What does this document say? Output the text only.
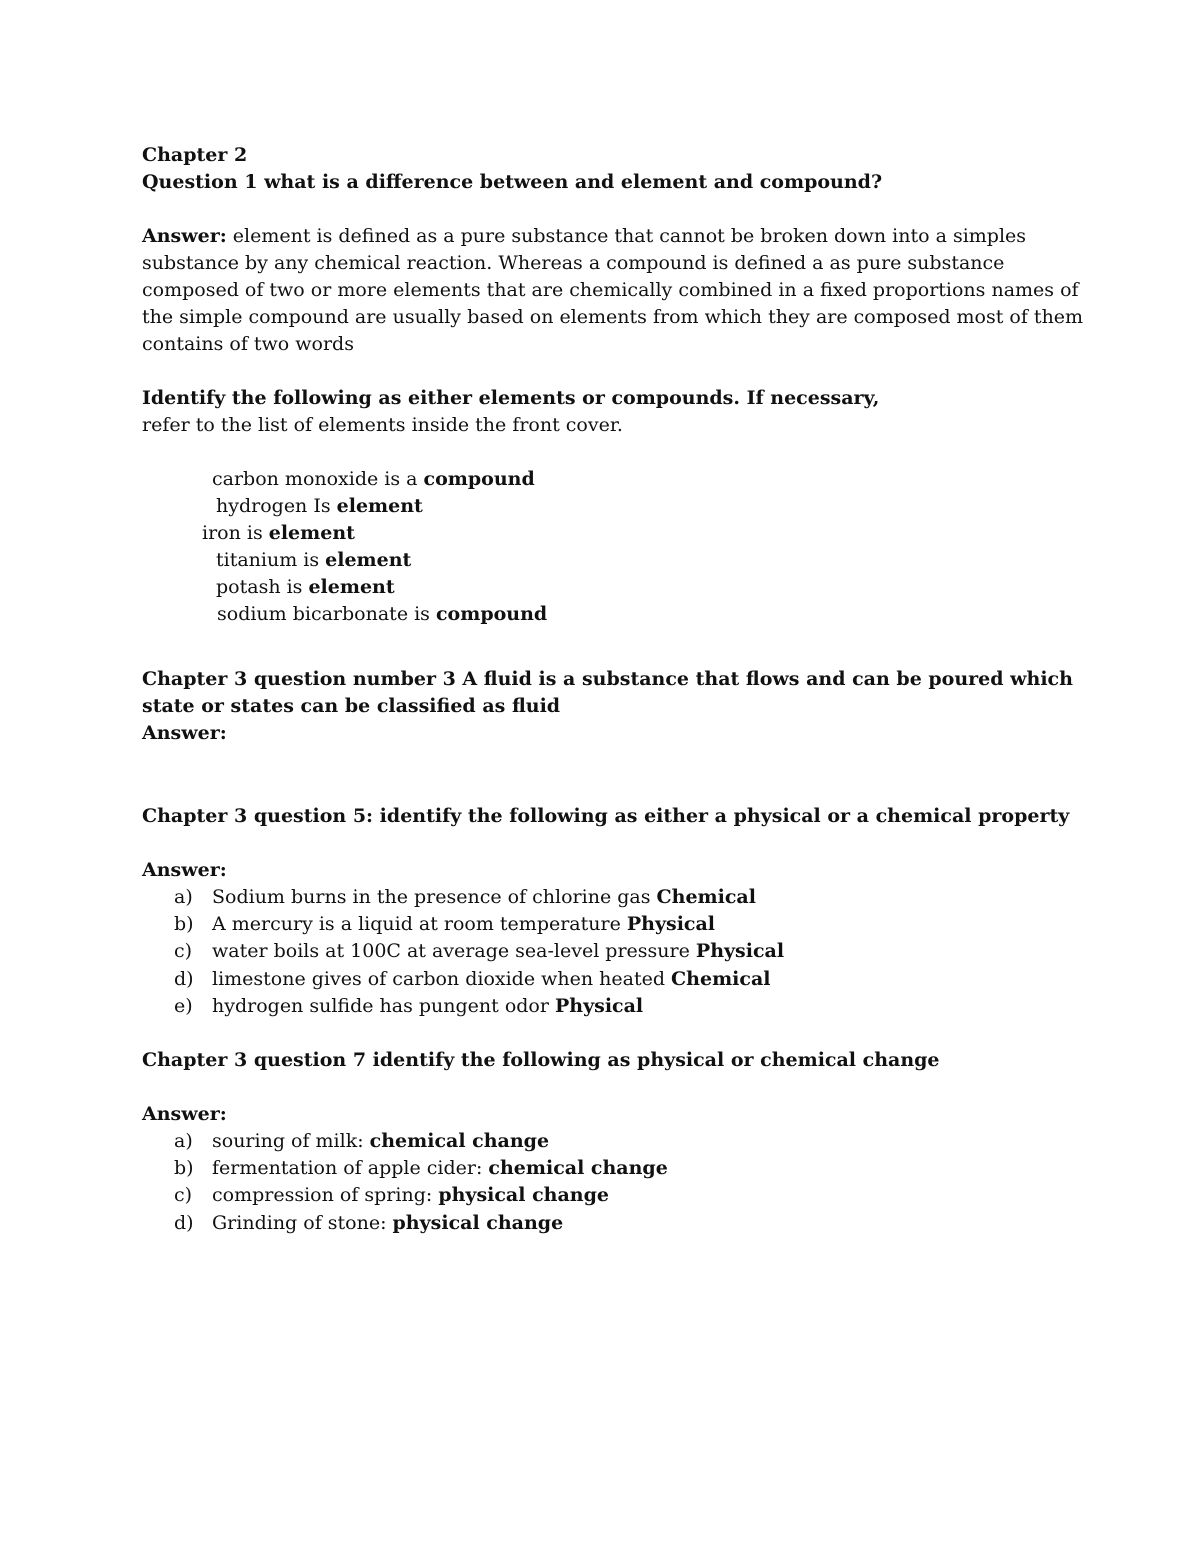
Chapter 2

Question 1 what is a difference between and element and compound?

Answer: element is defined as a pure substance that cannot be broken down into a simples

substance by any chemical reaction. Whereas a compound is defined a as pure substance

composed of two or more elements that are chemically combined in a fixed proportions names of

the simple compound are usually based on elements from which they are composed most of them

contains of two words

Identify the following as either elements or compounds. If necessary,

refer to the list of elements inside the front cover.

carbon monoxide is a compound
hydrogen Is element
iron is element
titanium is element
potash is element
sodium bicarbonate is compound

Chapter 3 question number 3 A fluid is a substance that flows and can be poured which

state or states can be classified as fluid

Answer:

Chapter 3 question 5: identify the following as either a physical or a chemical property

Answer:

a) Sodium burns in the presence of chlorine gas Chemical
b) A mercury is a liquid at room temperature Physical
c) water boils at 100C at average sea-level pressure Physical
d) limestone gives of carbon dioxide when heated Chemical
e) hydrogen sulfide has pungent odor Physical

Chapter 3 question 7 identify the following as physical or chemical change

Answer:

a) souring of milk: chemical change
b) fermentation of apple cider: chemical change
c) compression of spring: physical change
d) Grinding of stone: physical change
